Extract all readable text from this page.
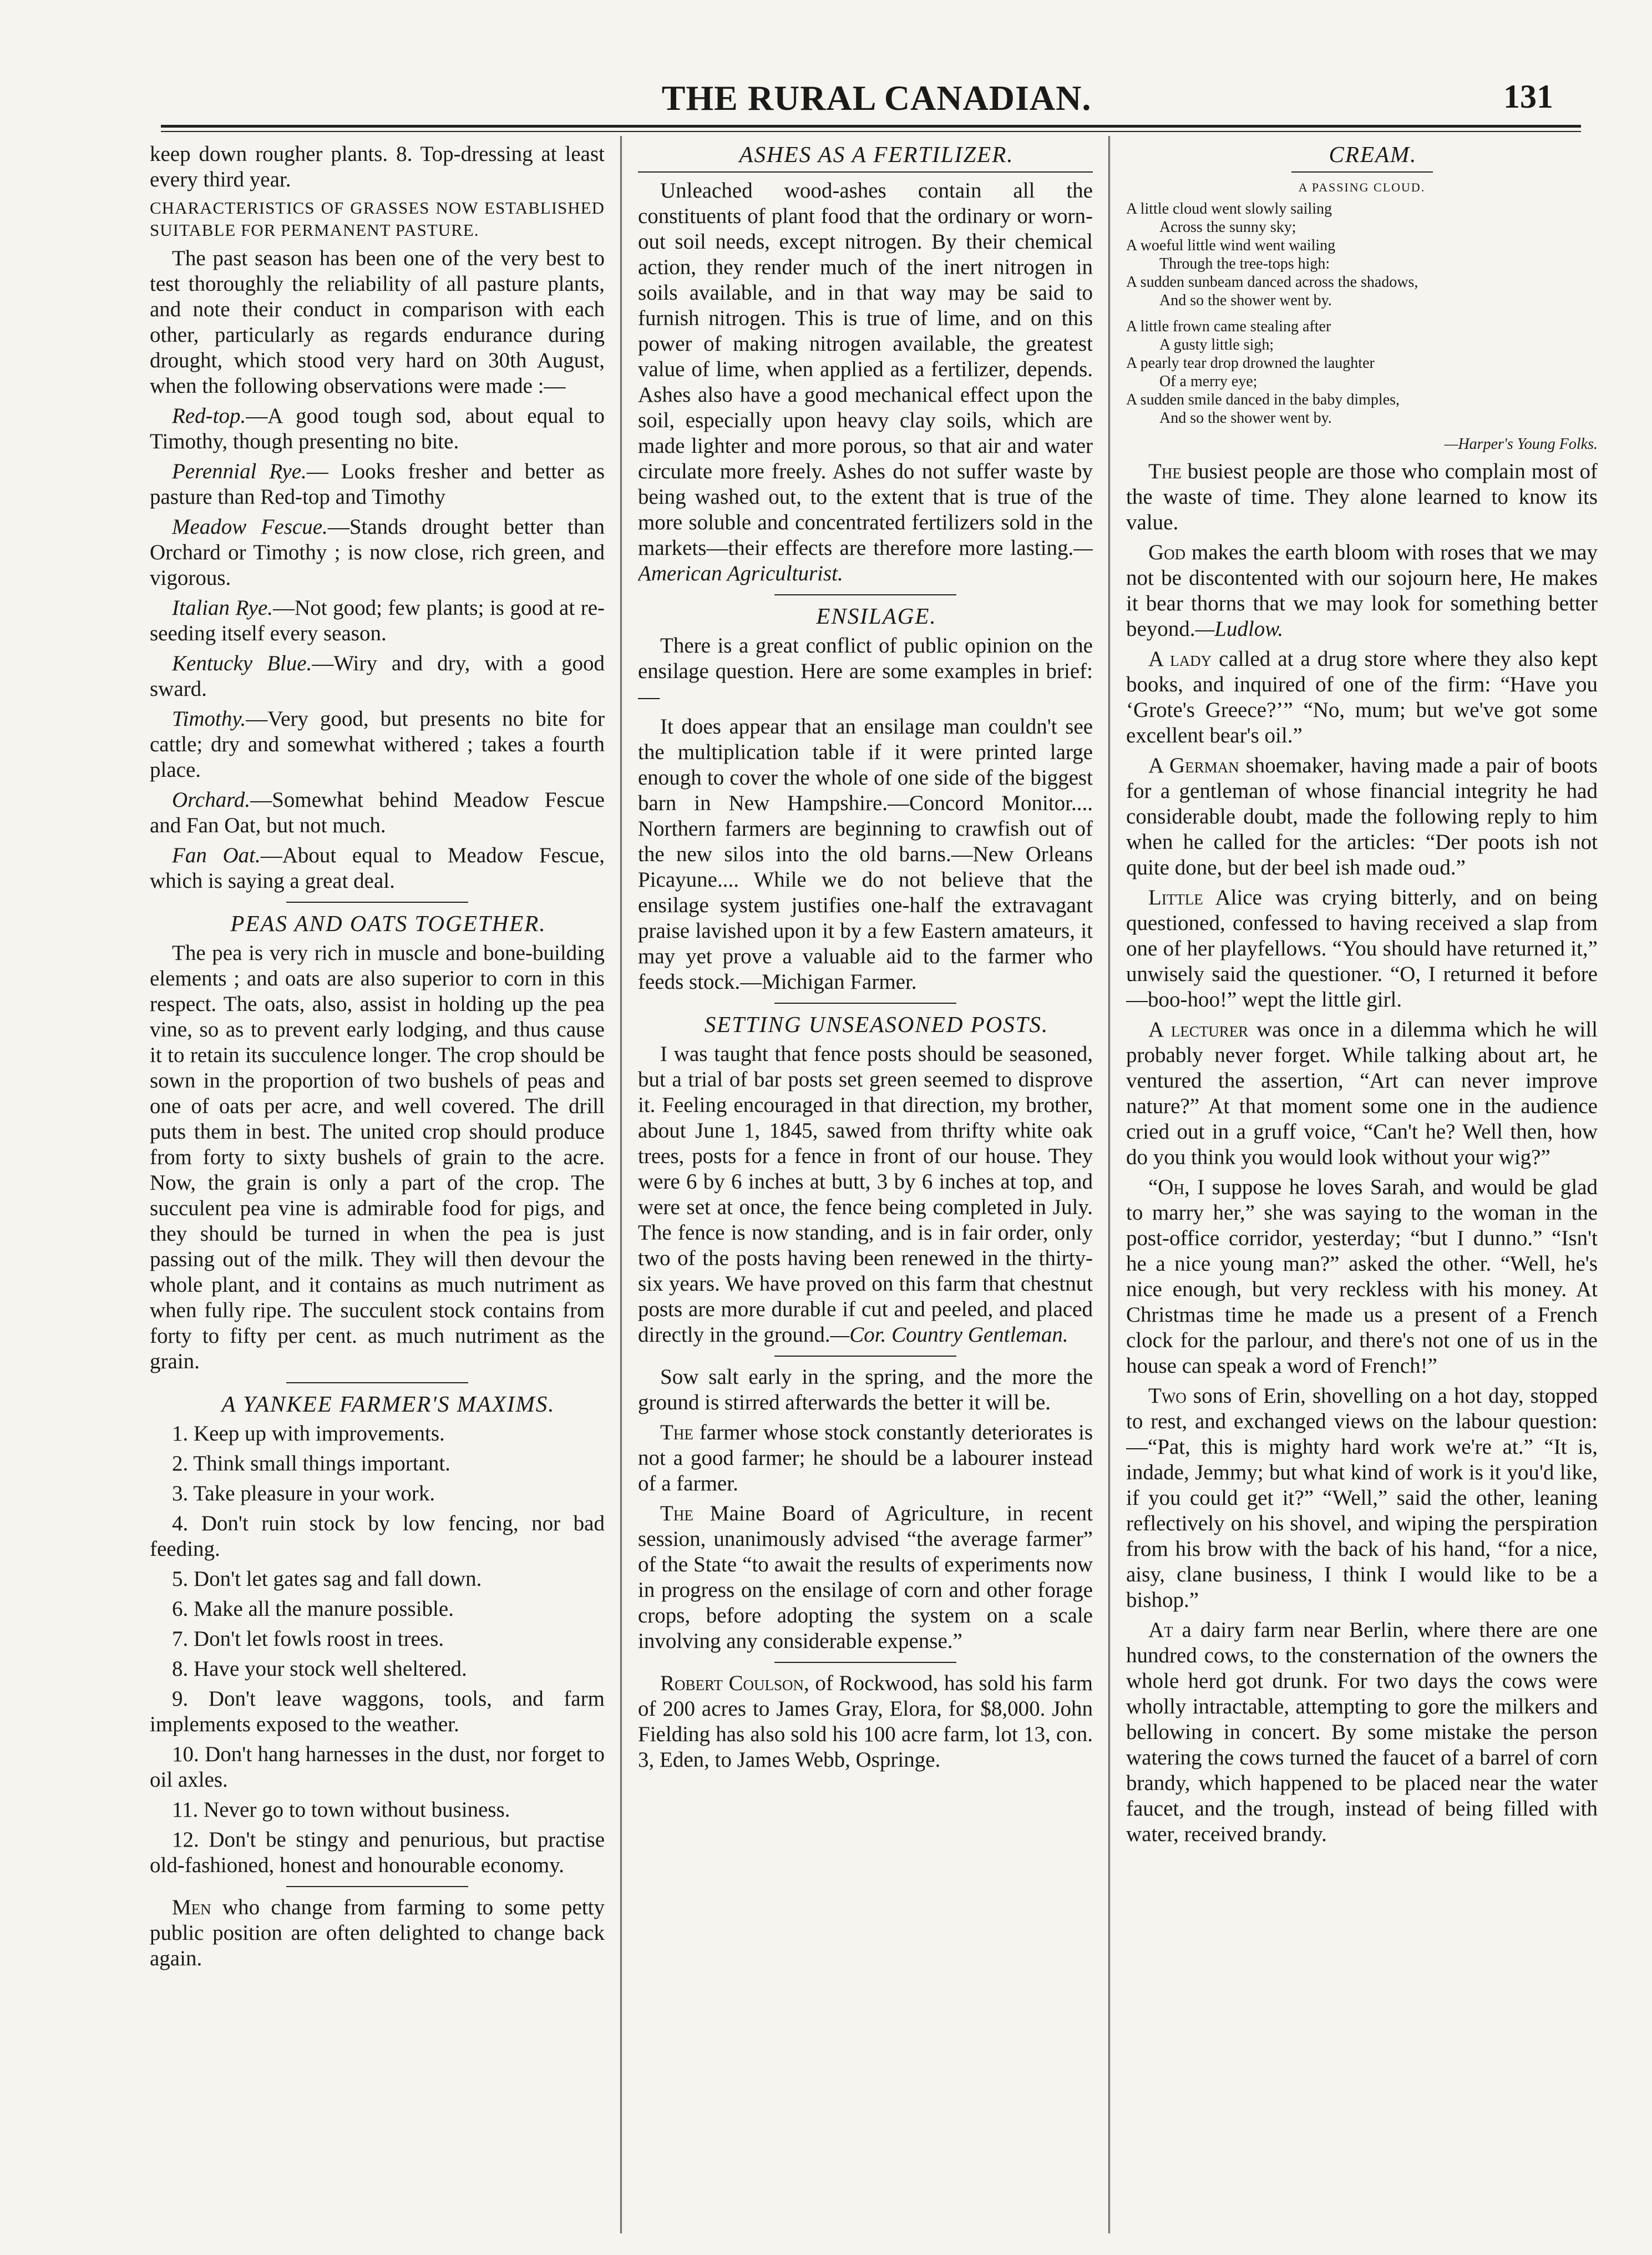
THE RURAL CANADIAN.	131

keep down rougher plants. 8. Top-dressing at least every third year.

CHARACTERISTICS OF GRASSES NOW ESTABLISHED SUITABLE FOR PERMANENT PASTURE.

The past season has been one of the very best to test thoroughly the reliability of all pasture plants, and note their conduct in comparison with each other, particularly as regards endurance during drought, which stood very hard on 30th August, when the following observations were made :—

Red-top.—A good tough sod, about equal to Timothy, though presenting no bite.

Perennial Rye.— Looks fresher and better as pasture than Red-top and Timothy

Meadow Fescue.—Stands drought better than Orchard or Timothy ; is now close, rich green, and vigorous.

Italian Rye.—Not good; few plants; is good at re-seeding itself every season.

Kentucky Blue.—Wiry and dry, with a good sward.

Timothy.—Very good, but presents no bite for cattle; dry and somewhat withered ; takes a fourth place.

Orchard.—Somewhat behind Meadow Fescue and Fan Oat, but not much.

Fan Oat.—About equal to Meadow Fescue, which is saying a great deal.

PEAS AND OATS TOGETHER.

The pea is very rich in muscle and bone-building elements ; and oats are also superior to corn in this respect. The oats, also, assist in holding up the pea vine, so as to prevent early lodging, and thus cause it to retain its succulence longer. The crop should be sown in the proportion of two bushels of peas and one of oats per acre, and well covered. The drill puts them in best. The united crop should produce from forty to sixty bushels of grain to the acre. Now, the grain is only a part of the crop. The succulent pea vine is admirable food for pigs, and they should be turned in when the pea is just passing out of the milk. They will then devour the whole plant, and it contains as much nutriment as when fully ripe. The succulent stock contains from forty to fifty per cent. as much nutriment as the grain.

A YANKEE FARMER'S MAXIMS.

1. Keep up with improvements.

2. Think small things important.

3. Take pleasure in your work.

4. Don't ruin stock by low fencing, nor bad feeding.

5. Don't let gates sag and fall down.

6. Make all the manure possible.

7. Don't let fowls roost in trees.

8. Have your stock well sheltered.

9. Don't leave waggons, tools, and farm implements exposed to the weather.

10. Don't hang harnesses in the dust, nor forget to oil axles.

11. Never go to town without business.

12. Don't be stingy and penurious, but practise old-fashioned, honest and honourable economy.

Men who change from farming to some petty public position are often delighted to change back again.

ASHES AS A FERTILIZER.

Unleached wood-ashes contain all the constituents of plant food that the ordinary or worn-out soil needs, except nitrogen. By their chemical action, they render much of the inert nitrogen in soils available, and in that way may be said to furnish nitrogen. This is true of lime, and on this power of making nitrogen available, the greatest value of lime, when applied as a fertilizer, depends. Ashes also have a good mechanical effect upon the soil, especially upon heavy clay soils, which are made lighter and more porous, so that air and water circulate more freely. Ashes do not suffer waste by being washed out, to the extent that is true of the more soluble and concentrated fertilizers sold in the markets—their effects are therefore more lasting.—American Agriculturist.

ENSILAGE.

There is a great conflict of public opinion on the ensilage question. Here are some examples in brief:—

It does appear that an ensilage man couldn't see the multiplication table if it were printed large enough to cover the whole of one side of the biggest barn in New Hampshire.—Concord Monitor.... Northern farmers are beginning to crawfish out of the new silos into the old barns.—New Orleans Picayune.... While we do not believe that the ensilage system justifies one-half the extravagant praise lavished upon it by a few Eastern amateurs, it may yet prove a valuable aid to the farmer who feeds stock.—Michigan Farmer.

SETTING UNSEASONED POSTS.

I was taught that fence posts should be seasoned, but a trial of bar posts set green seemed to disprove it. Feeling encouraged in that direction, my brother, about June 1, 1845, sawed from thrifty white oak trees, posts for a fence in front of our house. They were 6 by 6 inches at butt, 3 by 6 inches at top, and were set at once, the fence being completed in July. The fence is now standing, and is in fair order, only two of the posts having been renewed in the thirty-six years. We have proved on this farm that chestnut posts are more durable if cut and peeled, and placed directly in the ground.—Cor. Country Gentleman.

Sow salt early in the spring, and the more the ground is stirred afterwards the better it will be.

The farmer whose stock constantly deteriorates is not a good farmer; he should be a labourer instead of a farmer.

The Maine Board of Agriculture, in recent session, unanimously advised “the average farmer” of the State “to await the results of experiments now in progress on the ensilage of corn and other forage crops, before adopting the system on a scale involving any considerable expense.”

Robert Coulson, of Rockwood, has sold his farm of 200 acres to James Gray, Elora, for $8,000. John Fielding has also sold his 100 acre farm, lot 13, con. 3, Eden, to James Webb, Ospringe.

CREAM.

A PASSING CLOUD.
A little cloud went slowly sailing
Across the sunny sky;
A woeful little wind went wailing
Through the tree-tops high:
A sudden sunbeam danced across the shadows,
And so the shower went by.
A little frown came stealing after
A gusty little sigh;
A pearly tear drop drowned the laughter
Of a merry eye;
A sudden smile danced in the baby dimples,
And so the shower went by.
—Harper's Young Folks.

The busiest people are those who complain most of the waste of time. They alone learned to know its value.

God makes the earth bloom with roses that we may not be discontented with our sojourn here, He makes it bear thorns that we may look for something better beyond.—Ludlow.

A lady called at a drug store where they also kept books, and inquired of one of the firm: “Have you ‘Grote's Greece?’” “No, mum; but we've got some excellent bear's oil.”

A German shoemaker, having made a pair of boots for a gentleman of whose financial integrity he had considerable doubt, made the following reply to him when he called for the articles: “Der poots ish not quite done, but der beel ish made oud.”

Little Alice was crying bitterly, and on being questioned, confessed to having received a slap from one of her playfellows. “You should have returned it,” unwisely said the questioner. “O, I returned it before—boo-hoo!” wept the little girl.

A lecturer was once in a dilemma which he will probably never forget. While talking about art, he ventured the assertion, “Art can never improve nature?” At that moment some one in the audience cried out in a gruff voice, “Can't he? Well then, how do you think you would look without your wig?”

“Oh, I suppose he loves Sarah, and would be glad to marry her,” she was saying to the woman in the post-office corridor, yesterday; “but I dunno.” “Isn't he a nice young man?” asked the other. “Well, he's nice enough, but very reckless with his money. At Christmas time he made us a present of a French clock for the parlour, and there's not one of us in the house can speak a word of French!”

Two sons of Erin, shovelling on a hot day, stopped to rest, and exchanged views on the labour question:—“Pat, this is mighty hard work we're at.” “It is, indade, Jemmy; but what kind of work is it you'd like, if you could get it?” “Well,” said the other, leaning reflectively on his shovel, and wiping the perspiration from his brow with the back of his hand, “for a nice, aisy, clane business, I think I would like to be a bishop.”

At a dairy farm near Berlin, where there are one hundred cows, to the consternation of the owners the whole herd got drunk. For two days the cows were wholly intractable, attempting to gore the milkers and bellowing in concert. By some mistake the person watering the cows turned the faucet of a barrel of corn brandy, which happened to be placed near the water faucet, and the trough, instead of being filled with water, received brandy.
